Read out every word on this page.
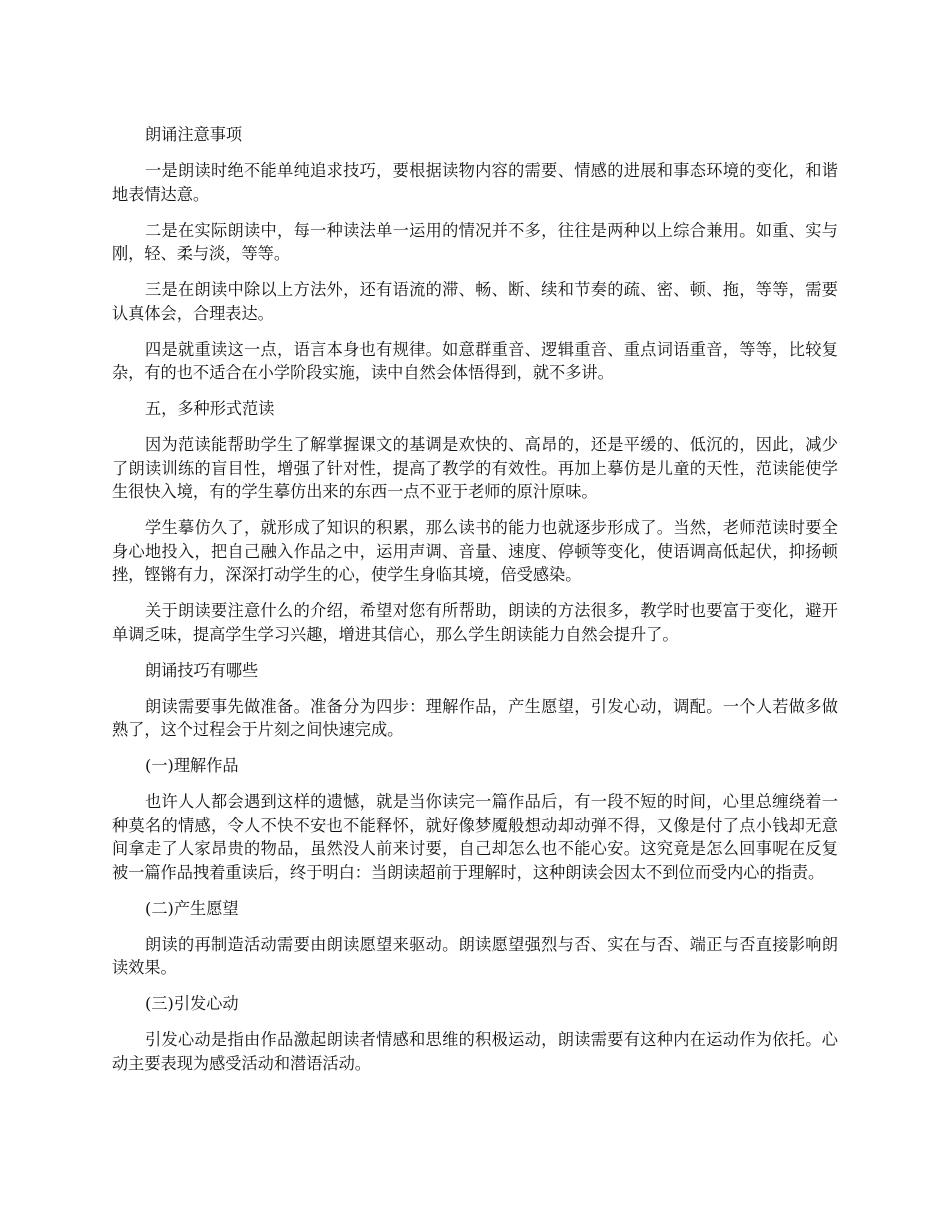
朗诵注意事项

一是朗读时绝不能单纯追求技巧，要根据读物内容的需要、情感的进展和事态环境的变化，和谐地表情达意。

二是在实际朗读中，每一种读法单一运用的情况并不多，往往是两种以上综合兼用。如重、实与刚，轻、柔与淡，等等。

三是在朗读中除以上方法外，还有语流的滞、畅、断、续和节奏的疏、密、顿、拖，等等，需要认真体会，合理表达。

四是就重读这一点，语言本身也有规律。如意群重音、逻辑重音、重点词语重音，等等，比较复杂，有的也不适合在小学阶段实施，读中自然会体悟得到，就不多讲。

五，多种形式范读

因为范读能帮助学生了解掌握课文的基调是欢快的、高昂的，还是平缓的、低沉的，因此，减少了朗读训练的盲目性，增强了针对性，提高了教学的有效性。再加上摹仿是儿童的天性，范读能使学生很快入境，有的学生摹仿出来的东西一点不亚于老师的原汁原味。

学生摹仿久了，就形成了知识的积累，那么读书的能力也就逐步形成了。当然，老师范读时要全身心地投入，把自己融入作品之中，运用声调、音量、速度、停顿等变化，使语调高低起伏，抑扬顿挫，铿锵有力，深深打动学生的心，使学生身临其境，倍受感染。

关于朗读要注意什么的介绍，希望对您有所帮助，朗读的方法很多，教学时也要富于变化，避开单调乏味，提高学生学习兴趣，增进其信心，那么学生朗读能力自然会提升了。

朗诵技巧有哪些

朗读需要事先做准备。准备分为四步：理解作品，产生愿望，引发心动，调配。一个人若做多做熟了，这个过程会于片刻之间快速完成。

(一)理解作品

也许人人都会遇到这样的遗憾，就是当你读完一篇作品后，有一段不短的时间，心里总缠绕着一种莫名的情感，令人不快不安也不能释怀，就好像梦魇般想动却动弹不得，又像是付了点小钱却无意间拿走了人家昂贵的物品，虽然没人前来讨要，自己却怎么也不能心安。这究竟是怎么回事呢在反复被一篇作品拽着重读后，终于明白：当朗读超前于理解时，这种朗读会因太不到位而受内心的指责。

(二)产生愿望

朗读的再制造活动需要由朗读愿望来驱动。朗读愿望强烈与否、实在与否、端正与否直接影响朗读效果。

(三)引发心动

引发心动是指由作品激起朗读者情感和思维的积极运动，朗读需要有这种内在运动作为依托。心动主要表现为感受活动和潜语活动。
